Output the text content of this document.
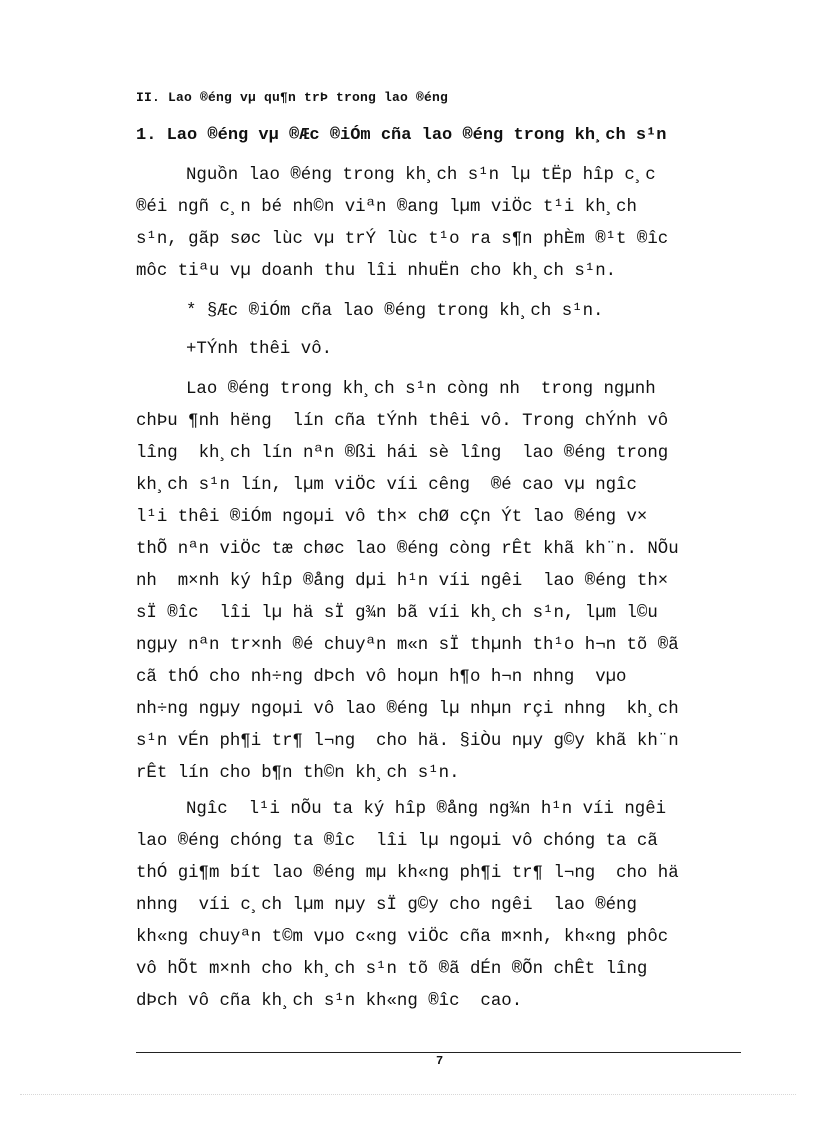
II. Lao ®éng vµ qu¶n trÞ trong lao ®éng
1. Lao ®éng vµ ®Æc ®iÓm cña lao ®éng trong kh¸ch s¹n
Nguồn lao ®éng trong kh¸ch s¹n lµ tËp hîp c¸c
®éi ngñ c¸n bé nh©n viªn ®ang lµm viÖc t¹i kh¸ch
s¹n, gãp søc lùc vµ trÝ lùc t¹o ra s¶n phÈm ®¹t ®îc
môc tiªu vµ doanh thu lîi nhuËn cho kh¸ch s¹n.
* §Æc ®iÓm cña lao ®éng trong kh¸ch s¹n.
+TÝnh thêi vô.
Lao ®éng trong kh¸ch s¹n còng nh  trong ngµnh
chÞu ¶nh hëng  lín cña tÝnh thêi vô. Trong chÝnh vô
lîng  kh¸ch lín nªn ®ßi hái sè lîng  lao ®éng trong
kh¸ch s¹n lín, lµm viÖc víi cêng  ®é cao vµ ngîc
l¹i thêi ®iÓm ngoµi vô th× chØ cÇn Ýt lao ®éng v×
thÕ nªn viÖc tæ chøc lao ®éng còng rÊt khã kh¨n. NÕu
nh  m×nh ký hîp ®ång dµi h¹n víi ngêi  lao ®éng th×
sÏ ®îc  lîi lµ hä sÏ g¾n bã víi kh¸ch s¹n, lµm l©u
ngµy nªn tr×nh ®é chuyªn m«n sÏ thµnh th¹o h¬n tõ ®ã
cã thÓ cho nh÷ng dÞch vô hoµn h¶o h¬n nhng  vµo
nh÷ng ngµy ngoµi vô lao ®éng lµ nhµn rçi nhng  kh¸ch
s¹n vÉn ph¶i tr¶ l¬ng  cho hä. §iÒu nµy g©y khã kh¨n
rÊt lín cho b¶n th©n kh¸ch s¹n.
Ngîc  l¹i nÕu ta ký hîp ®ång ng¾n h¹n víi ngêi
lao ®éng chóng ta ®îc  lîi lµ ngoµi vô chóng ta cã
thÓ gi¶m bít lao ®éng mµ kh«ng ph¶i tr¶ l¬ng  cho hä
nhng  víi c¸ch lµm nµy sÏ g©y cho ngêi  lao ®éng
kh«ng chuyªn t©m vµo c«ng viÖc cña m×nh, kh«ng phôc
vô hÕt m×nh cho kh¸ch s¹n tõ ®ã dÉn ®Õn chÊt lîng
dÞch vô cña kh¸ch s¹n kh«ng ®îc  cao.
7
